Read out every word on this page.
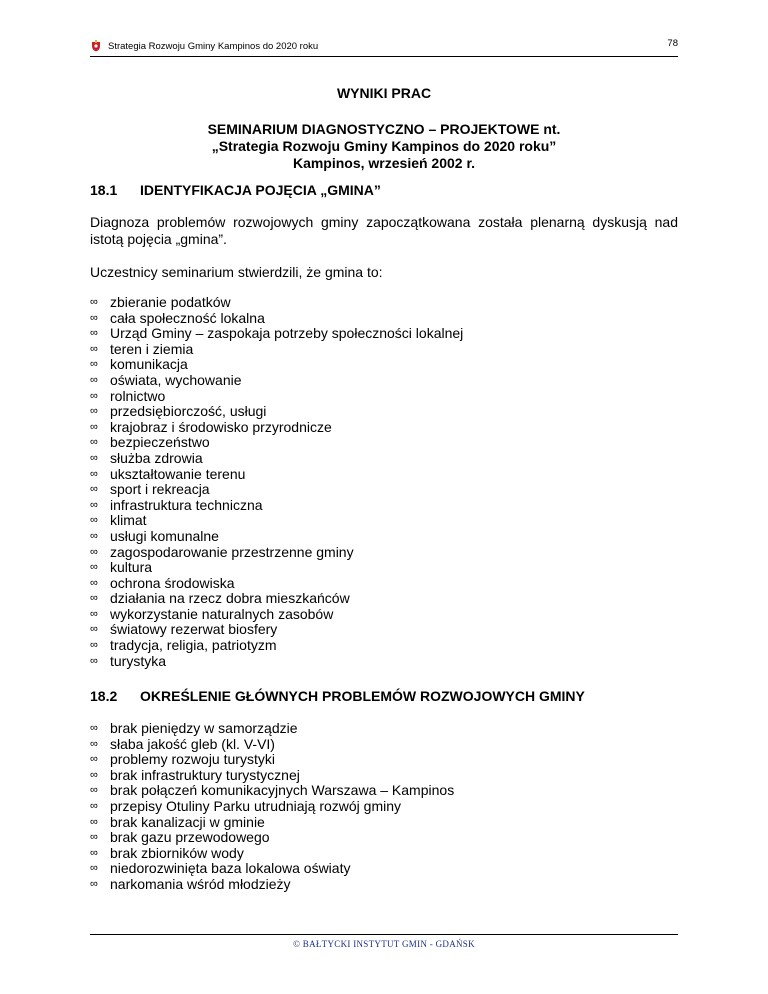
Strategia Rozwoju Gminy Kampinos do 2020 roku	78
WYNIKI PRAC
SEMINARIUM DIAGNOSTYCZNO – PROJEKTOWE nt.
„Strategia Rozwoju Gminy Kampinos do 2020 roku”
Kampinos, wrzesień 2002 r.
18.1 IDENTYFIKACJA POJĘCIA „GMINA”
Diagnoza problemów rozwojowych gminy zapoczątkowana została plenarną dyskusją nad istotą pojęcia „gmina”.
Uczestnicy seminarium stwierdzili, że gmina to:
∞ zbieranie podatków
∞ cała społeczność lokalna
∞ Urząd Gminy – zaspokaja potrzeby społeczności lokalnej
∞ teren i ziemia
∞ komunikacja
∞ oświata, wychowanie
∞ rolnictwo
∞ przedsiębiorczość, usługi
∞ krajobraz i środowisko przyrodnicze
∞ bezpieczeństwo
∞ służba zdrowia
∞ ukształtowanie terenu
∞ sport i rekreacja
∞ infrastruktura techniczna
∞ klimat
∞ usługi komunalne
∞ zagospodarowanie przestrzenne gminy
∞ kultura
∞ ochrona środowiska
∞ działania na rzecz dobra mieszkańców
∞ wykorzystanie naturalnych zasobów
∞ światowy rezerwat biosfery
∞ tradycja, religia, patriotyzm
∞ turystyka
18.2 OKREŚLENIE GŁÓWNYCH PROBLEMÓW ROZWOJOWYCH GMINY
∞ brak pieniędzy w samorządzie
∞ słaba jakość gleb (kl. V-VI)
∞ problemy rozwoju turystyki
∞ brak infrastruktury turystycznej
∞ brak połączeń komunikacyjnych Warszawa – Kampinos
∞ przepisy Otuliny Parku utrudniają rozwój gminy
∞ brak kanalizacji w gminie
∞ brak gazu przewodowego
∞ brak zbiorników wody
∞ niedorozwinięta baza lokalowa oświaty
∞ narkomania wśród młodzieży
© BAŁTYCKI INSTYTUT GMIN - GDAŃSK
